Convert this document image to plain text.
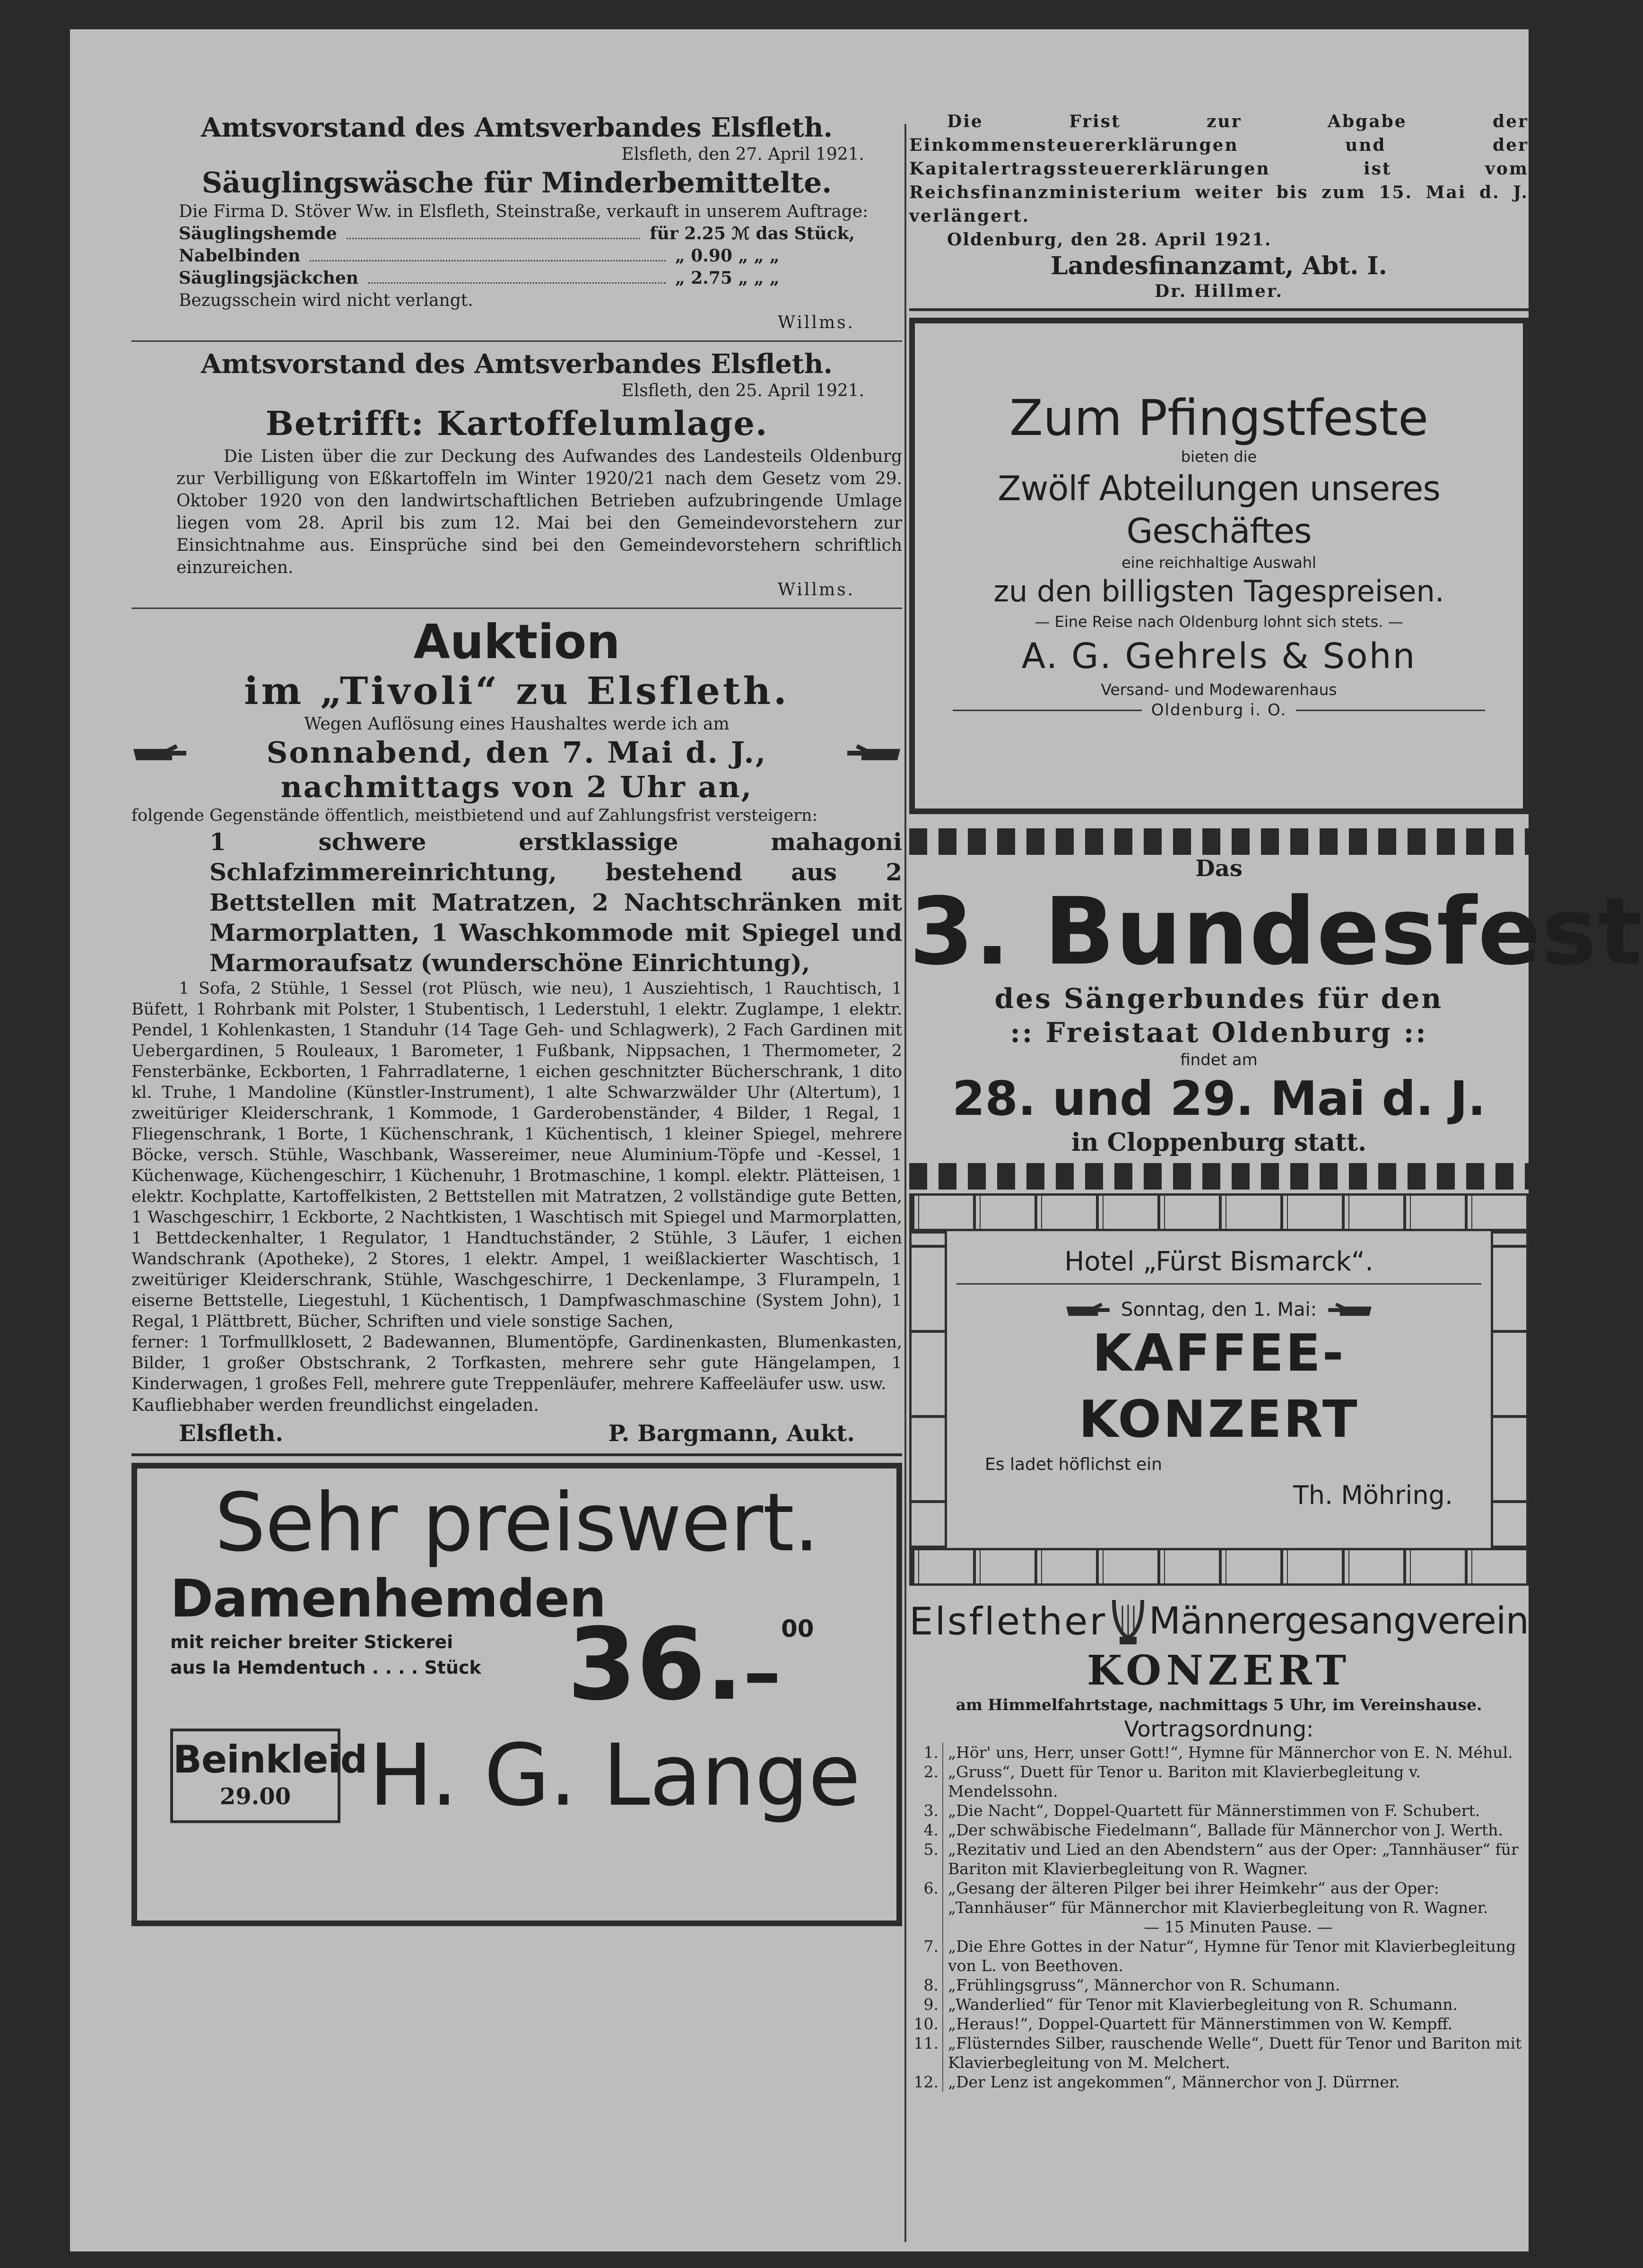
Amtsvorstand des Amtsverbandes Elsfleth.
Elsfleth, den 27. April 1921.
Säuglingswäsche für Minderbemittelte.

Die Firma D. Stöver Ww. in Elsfleth, Steinstraße, verkauft in unserem Auftrage:

Säuglingshemde	für 2.25 ℳ das Stück,
Nabelbinden	„ 0.90 „ „ „
Säuglingsjäckchen	„ 2.75 „ „ „

Bezugsschein wird nicht verlangt.

Willms.
Amtsvorstand des Amtsverbandes Elsfleth.
Elsfleth, den 25. April 1921.
Betrifft: Kartoffelumlage.

Die Listen über die zur Deckung des Aufwandes des Landesteils Oldenburg zur Verbilligung von Eßkartoffeln im Winter 1920/21 nach dem Gesetz vom 29. Oktober 1920 von den landwirtschaftlichen Betrieben aufzubringende Umlage liegen vom 28. April bis zum 12. Mai bei den Gemeindevorstehern zur Einsichtnahme aus. Einsprüche sind bei den Gemeindevorstehern schriftlich einzureichen.

Willms.
Auktion
im „Tivoli“ zu Elsfleth.
Wegen Auflösung eines Haushaltes werde ich am
Sonnabend, den 7. Mai d. J.,
nachmittags von 2 Uhr an,

folgende Gegenstände öffentlich, meistbietend und auf Zahlungsfrist versteigern:

1 schwere erstklassige mahagoni Schlafzimmereinrichtung, bestehend aus 2 Bettstellen mit Matratzen, 2 Nachtschränken mit Marmorplatten, 1 Waschkommode mit Spiegel und Marmoraufsatz (wunderschöne Einrichtung),

1 Sofa, 2 Stühle, 1 Sessel (rot Plüsch, wie neu), 1 Ausziehtisch, 1 Rauchtisch, 1 Büfett, 1 Rohrbank mit Polster, 1 Stubentisch, 1 Lederstuhl, 1 elektr. Zuglampe, 1 elektr. Pendel, 1 Kohlenkasten, 1 Standuhr (14 Tage Geh- und Schlagwerk), 2 Fach Gardinen mit Uebergardinen, 5 Rouleaux, 1 Barometer, 1 Fußbank, Nippsachen, 1 Thermometer, 2 Fensterbänke, Eckborten, 1 Fahrradlaterne, 1 eichen geschnitzter Bücherschrank, 1 dito kl. Truhe, 1 Mandoline (Künstler-Instrument), 1 alte Schwarzwälder Uhr (Altertum), 1 zweitüriger Kleiderschrank, 1 Kommode, 1 Garderobenständer, 4 Bilder, 1 Regal, 1 Fliegenschrank, 1 Borte, 1 Küchenschrank, 1 Küchentisch, 1 kleiner Spiegel, mehrere Böcke, versch. Stühle, Waschbank, Wassereimer, neue Aluminium-Töpfe und -Kessel, 1 Küchenwage, Küchengeschirr, 1 Küchenuhr, 1 Brotmaschine, 1 kompl. elektr. Plätteisen, 1 elektr. Kochplatte, Kartoffelkisten, 2 Bettstellen mit Matratzen, 2 vollständige gute Betten, 1 Waschgeschirr, 1 Eckborte, 2 Nachtkisten, 1 Waschtisch mit Spiegel und Marmorplatten, 1 Bettdeckenhalter, 1 Regulator, 1 Handtuchständer, 2 Stühle, 3 Läufer, 1 eichen Wandschrank (Apotheke), 2 Stores, 1 elektr. Ampel, 1 weißlackierter Waschtisch, 1 zweitüriger Kleiderschrank, Stühle, Waschgeschirre, 1 Deckenlampe, 3 Flurampeln, 1 eiserne Bettstelle, Liegestuhl, 1 Küchentisch, 1 Dampfwaschmaschine (System John), 1 Regal, 1 Plättbrett, Bücher, Schriften und viele sonstige Sachen,

ferner: 1 Torfmullklosett, 2 Badewannen, Blumentöpfe, Gardinenkasten, Blumenkasten, Bilder, 1 großer Obstschrank, 2 Torfkasten, mehrere sehr gute Hängelampen, 1 Kinderwagen, 1 großes Fell, mehrere gute Treppenläufer, mehrere Kaffeeläufer usw. usw.

Kaufliebhaber werden freundlichst eingeladen.

Elsfleth.	P. Bargmann, Aukt.
Sehr preiswert.
Damenhemden
mit reicher breiter Stickerei
aus Ia Hemdentuch . . . . Stück 36.–$^{00}$
Beinkleid
29.00 H. G. Lange

Die Frist zur Abgabe der Einkommensteuererklärungen und der Kapitalertragssteuererklärungen ist vom Reichsfinanzministerium weiter bis zum 15. Mai d. J. verlängert.

Oldenburg, den 28. April 1921.
Landesfinanzamt, Abt. I.
Dr. Hillmer.
Zum Pfingstfeste
bieten die
Zwölf Abteilungen unseres Geschäftes
eine reichhaltige Auswahl
zu den billigsten Tagespreisen.
— Eine Reise nach Oldenburg lohnt sich stets. —
A. G. Gehrels & Sohn
Versand- und Modewarenhaus
Oldenburg i. O.
Das
3. Bundesfest
des Sängerbundes für den
:: Freistaat Oldenburg ::
findet am
28. und 29. Mai d. J.
in Cloppenburg statt.
Hotel „Fürst Bismarck“.
Sonntag, den 1. Mai:
KAFFEE-KONZERT
Es ladet höflichst ein
Th. Möhring.
Elsflether Männergesangverein
KONZERT
am Himmelfahrtstage, nachmittags 5 Uhr, im Vereinshause.
Vortragsordnung:
1. „Hör' uns, Herr, unser Gott!“, Hymne für Männerchor von E. N. Méhul.
2. „Gruss“, Duett für Tenor u. Bariton mit Klavierbegleitung v. Mendelssohn.
3. „Die Nacht“, Doppel-Quartett für Männerstimmen von F. Schubert.
4. „Der schwäbische Fiedelmann“, Ballade für Männerchor von J. Werth.
5. „Rezitativ und Lied an den Abendstern“ aus der Oper: „Tannhäuser“ für Bariton mit Klavierbegleitung von R. Wagner.
6. „Gesang der älteren Pilger bei ihrer Heimkehr“ aus der Oper: „Tannhäuser“ für Männerchor mit Klavierbegleitung von R. Wagner.
— 15 Minuten Pause. —
7. „Die Ehre Gottes in der Natur“, Hymne für Tenor mit Klavierbegleitung von L. von Beethoven.
8. „Frühlingsgruss“, Männerchor von R. Schumann.
9. „Wanderlied“ für Tenor mit Klavierbegleitung von R. Schumann.
10. „Heraus!“, Doppel-Quartett für Männerstimmen von W. Kempff.
11. „Flüsterndes Silber, rauschende Welle“, Duett für Tenor und Bariton mit Klavierbegleitung von M. Melchert.
12. „Der Lenz ist angekommen“, Männerchor von J. Dürrner.
